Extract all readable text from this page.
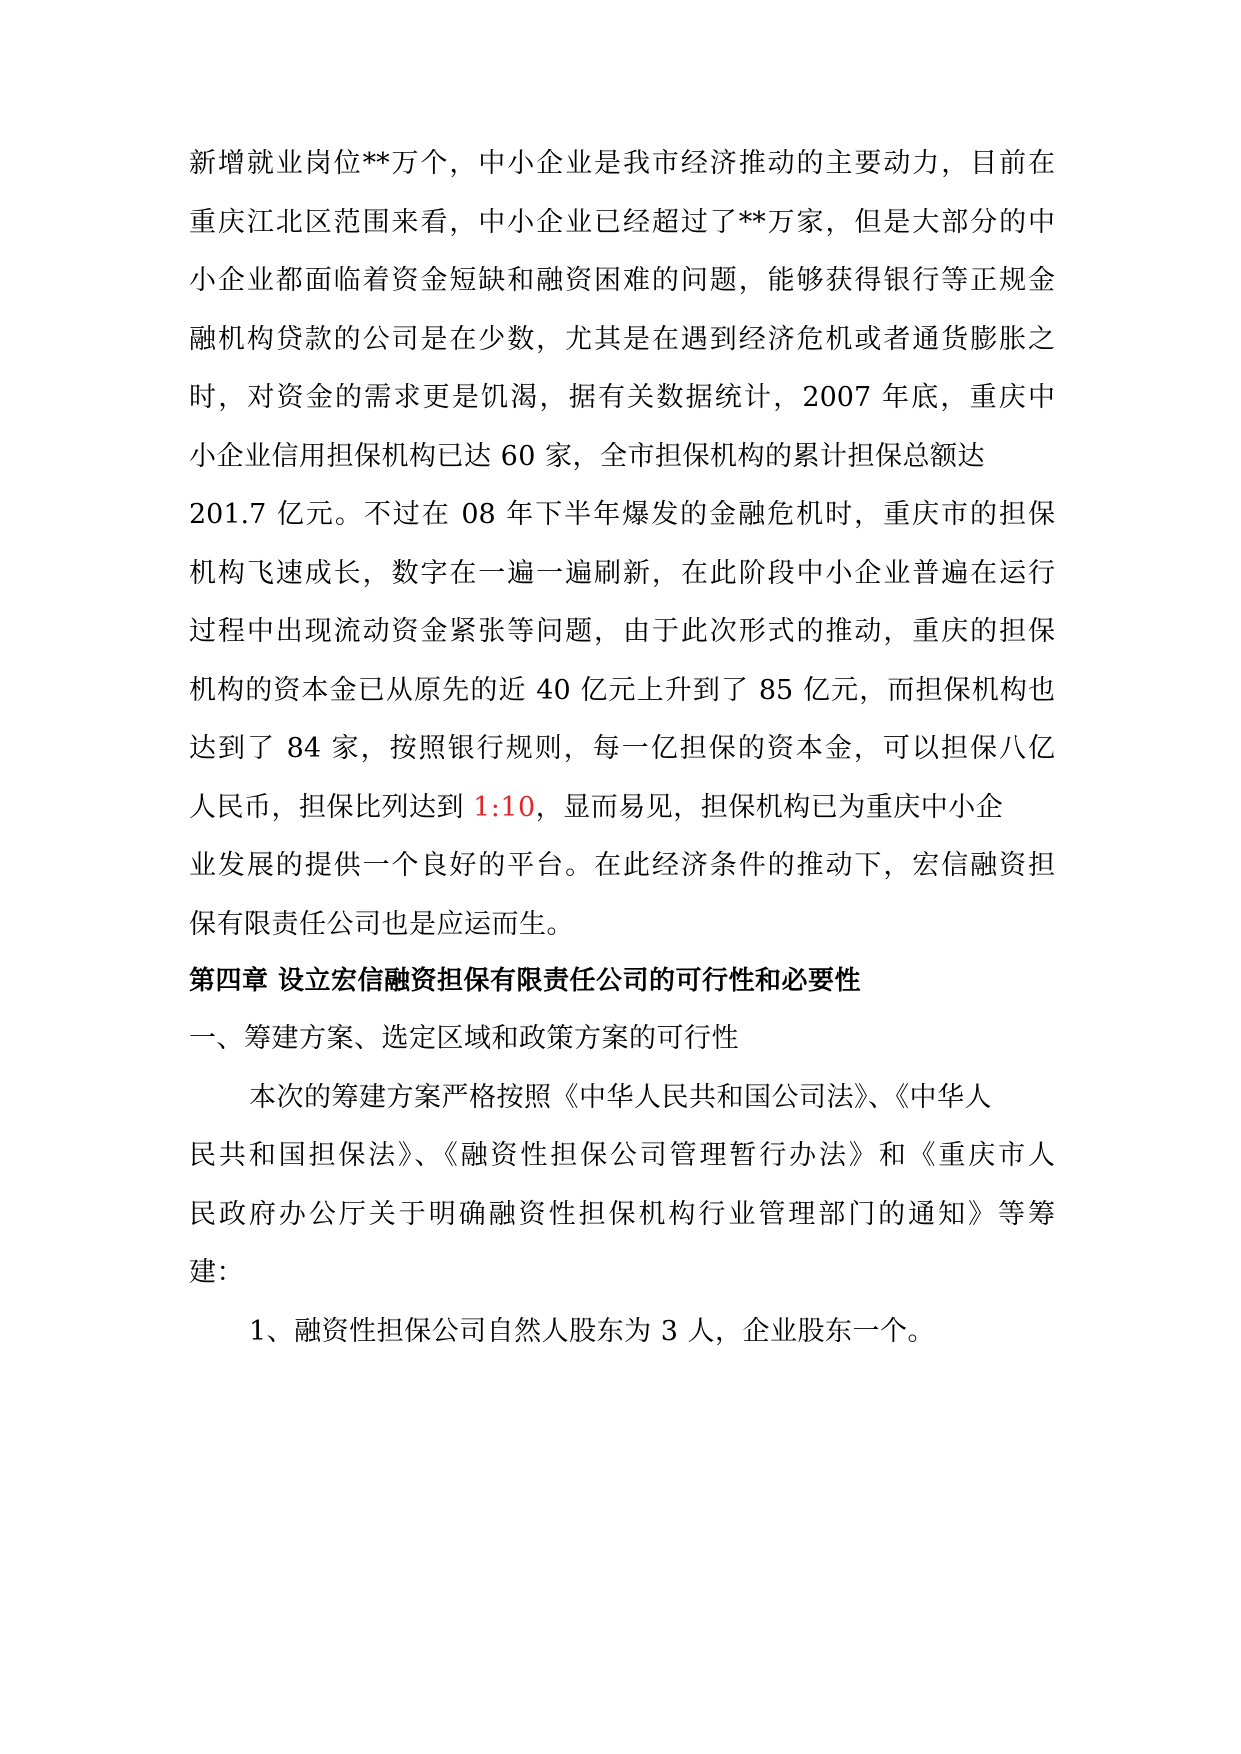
新增就业岗位**万个，中小企业是我市经济推动的主要动力，目前在
重庆江北区范围来看，中小企业已经超过了**万家，但是大部分的中
小企业都面临着资金短缺和融资困难的问题，能够获得银行等正规金
融机构贷款的公司是在少数，尤其是在遇到经济危机或者通货膨胀之
时，对资金的需求更是饥渴，据有关数据统计，2007 年底，重庆中
小企业信用担保机构已达 60 家，全市担保机构的累计担保总额达
201.7 亿元。不过在 08 年下半年爆发的金融危机时，重庆市的担保
机构飞速成长，数字在一遍一遍刷新，在此阶段中小企业普遍在运行
过程中出现流动资金紧张等问题，由于此次形式的推动，重庆的担保
机构的资本金已从原先的近 40 亿元上升到了 85 亿元，而担保机构也
达到了 84 家，按照银行规则，每一亿担保的资本金，可以担保八亿
人民币，担保比列达到 1:10，显而易见，担保机构已为重庆中小企
业发展的提供一个良好的平台。在此经济条件的推动下，宏信融资担
保有限责任公司也是应运而生。
第四章 设立宏信融资担保有限责任公司的可行性和必要性
一、筹建方案、选定区域和政策方案的可行性
本次的筹建方案严格按照《中华人民共和国公司法》、《中华人
民共和国担保法》、《融资性担保公司管理暂行办法》和《重庆市人
民政府办公厅关于明确融资性担保机构行业管理部门的通知》等筹
建：
1、融资性担保公司自然人股东为 3 人，企业股东一个。
